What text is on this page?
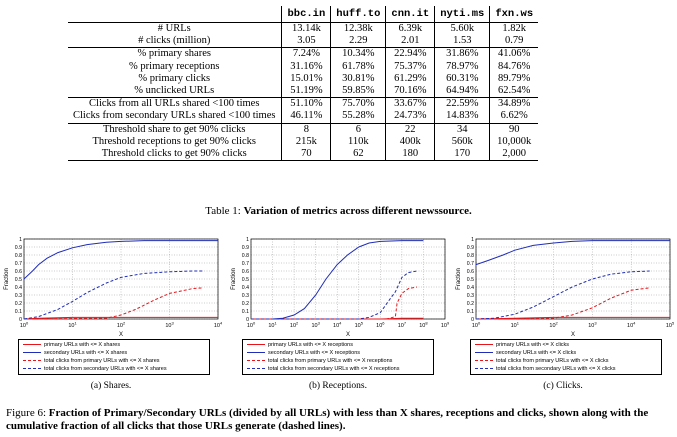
	bbc.in	huff.to	cnn.it	nyti.ms	fxn.ws
# URLs	13.14k	12.38k	6.39k	5.60k	1.82k
# clicks (million)	3.05	2.29	2.01	1.53	0.79
% primary shares	7.24%	10.34%	22.94%	31.86%	41.06%
% primary receptions	31.16%	61.78%	75.37%	78.97%	84.76%
% primary clicks	15.01%	30.81%	61.29%	60.31%	89.79%
% unclicked URLs	51.19%	59.85%	70.16%	64.94%	62.54%
Clicks from all URLs shared <100 times	51.10%	75.70%	33.67%	22.59%	34.89%
Clicks from secondary URLs shared <100 times	46.11%	55.28%	24.73%	14.83%	6.62%
Threshold share to get 90% clicks	8	6	22	34	90
Threshold receptions to get 90% clicks	215k	110k	400k	560k	10,000k
Threshold clicks to get 90% clicks	70	62	180	170	2,000
Table 1: Variation of metrics across different newssource.
0
0.1
0.2
0.3
0.4
0.5
0.6
0.7
0.8
0.9
1
$10^0$	$10^1$	$10^2$	$10^3$	$10^4$
X
Fraction
0
0.1
0.2
0.3
0.4
0.5
0.6
0.7
0.8
0.9
1
$10^0$ $10^1$ $10^2$ $10^3$ $10^4$ $10^5$ $10^6$ $10^7$ $10^8$ $10^9$
X
Fraction
0
0.1
0.2
0.3
0.4
0.5
0.6
0.7
0.8
0.9
1
$10^0$	$10^1$	$10^2$	$10^3$	$10^4$	$10^5$
X
Fraction
primary URLs with <= X shares
secondary URLs with <= X shares
total clicks from primary URLs with <= X shares
total clicks from secondary URLs with <= X shares
primary URLs with <= X receptions
secondary URLs with <= X receptions
total clicks from primary URLs with <= X receptions
total clicks from secondary URLs with <= X receptions
primary URLs with <= X clicks
secondary URLs with <= X clicks
total clicks from primary URLs with <= X clicks
total clicks from secondary URLs with <= X clicks
(a) Shares.	(b) Receptions.	(c) Clicks.
Figure 6: Fraction of Primary/Secondary URLs (divided by all URLs) with less than X shares, receptions and clicks, shown along with the cumulative fraction of all clicks that those URLs generate (dashed lines).
